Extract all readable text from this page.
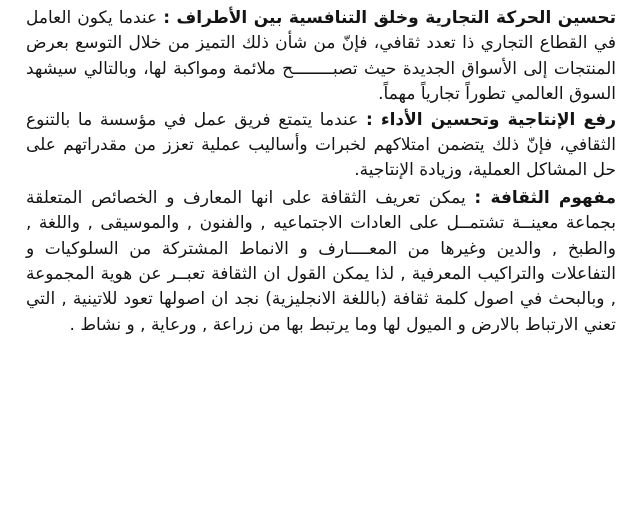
تحسين الحركة التجارية وخلق التنافسية بين الأطراف : عندما يكون العامل في القطاع التجاري ذا تعدد ثقافي، فإنّ من شأن ذلك التميز من خلال التوسع بعرض المنتجات إلى الأسواق الجديدة حيث تصبــــــــح ملائمة ومواكبة لها، وبالتالي سيشهد السوق العالمي تطوراً تجارياً مهماً.

رفع الإنتاجية وتحسين الأداء : عندما يتمتع فريق عمل في مؤسسة ما بالتنوع الثقافي، فإنّ ذلك يتضمن امتلاكهم لخبرات وأساليب عملية تعزز من مقدراتهم على حل المشاكل العملية، وزيادة الإنتاجية.

مفهوم الثقافة : يمكن تعريف الثقافة على انها المعارف و الخصائص المتعلقة بجماعة معينــة تشتمــل على العادات الاجتماعيه , والفنون , والموسيقى , واللغة , والطبخ , والدين وغيرها من المعــــارف و الانماط المشتركة من السلوكيات و التفاعلات والتراكيب المعرفية , لذا يمكن القول ان الثقافة تعبــر عن هوية المجموعة , وبالبحث في اصول كلمة ثقافة (باللغة الانجليزية) نجد ان اصولها تعود للاتينية , التي تعني الارتباط بالارض و الميول لها وما يرتبط بها من زراعة , ورعاية , و نشاط .
